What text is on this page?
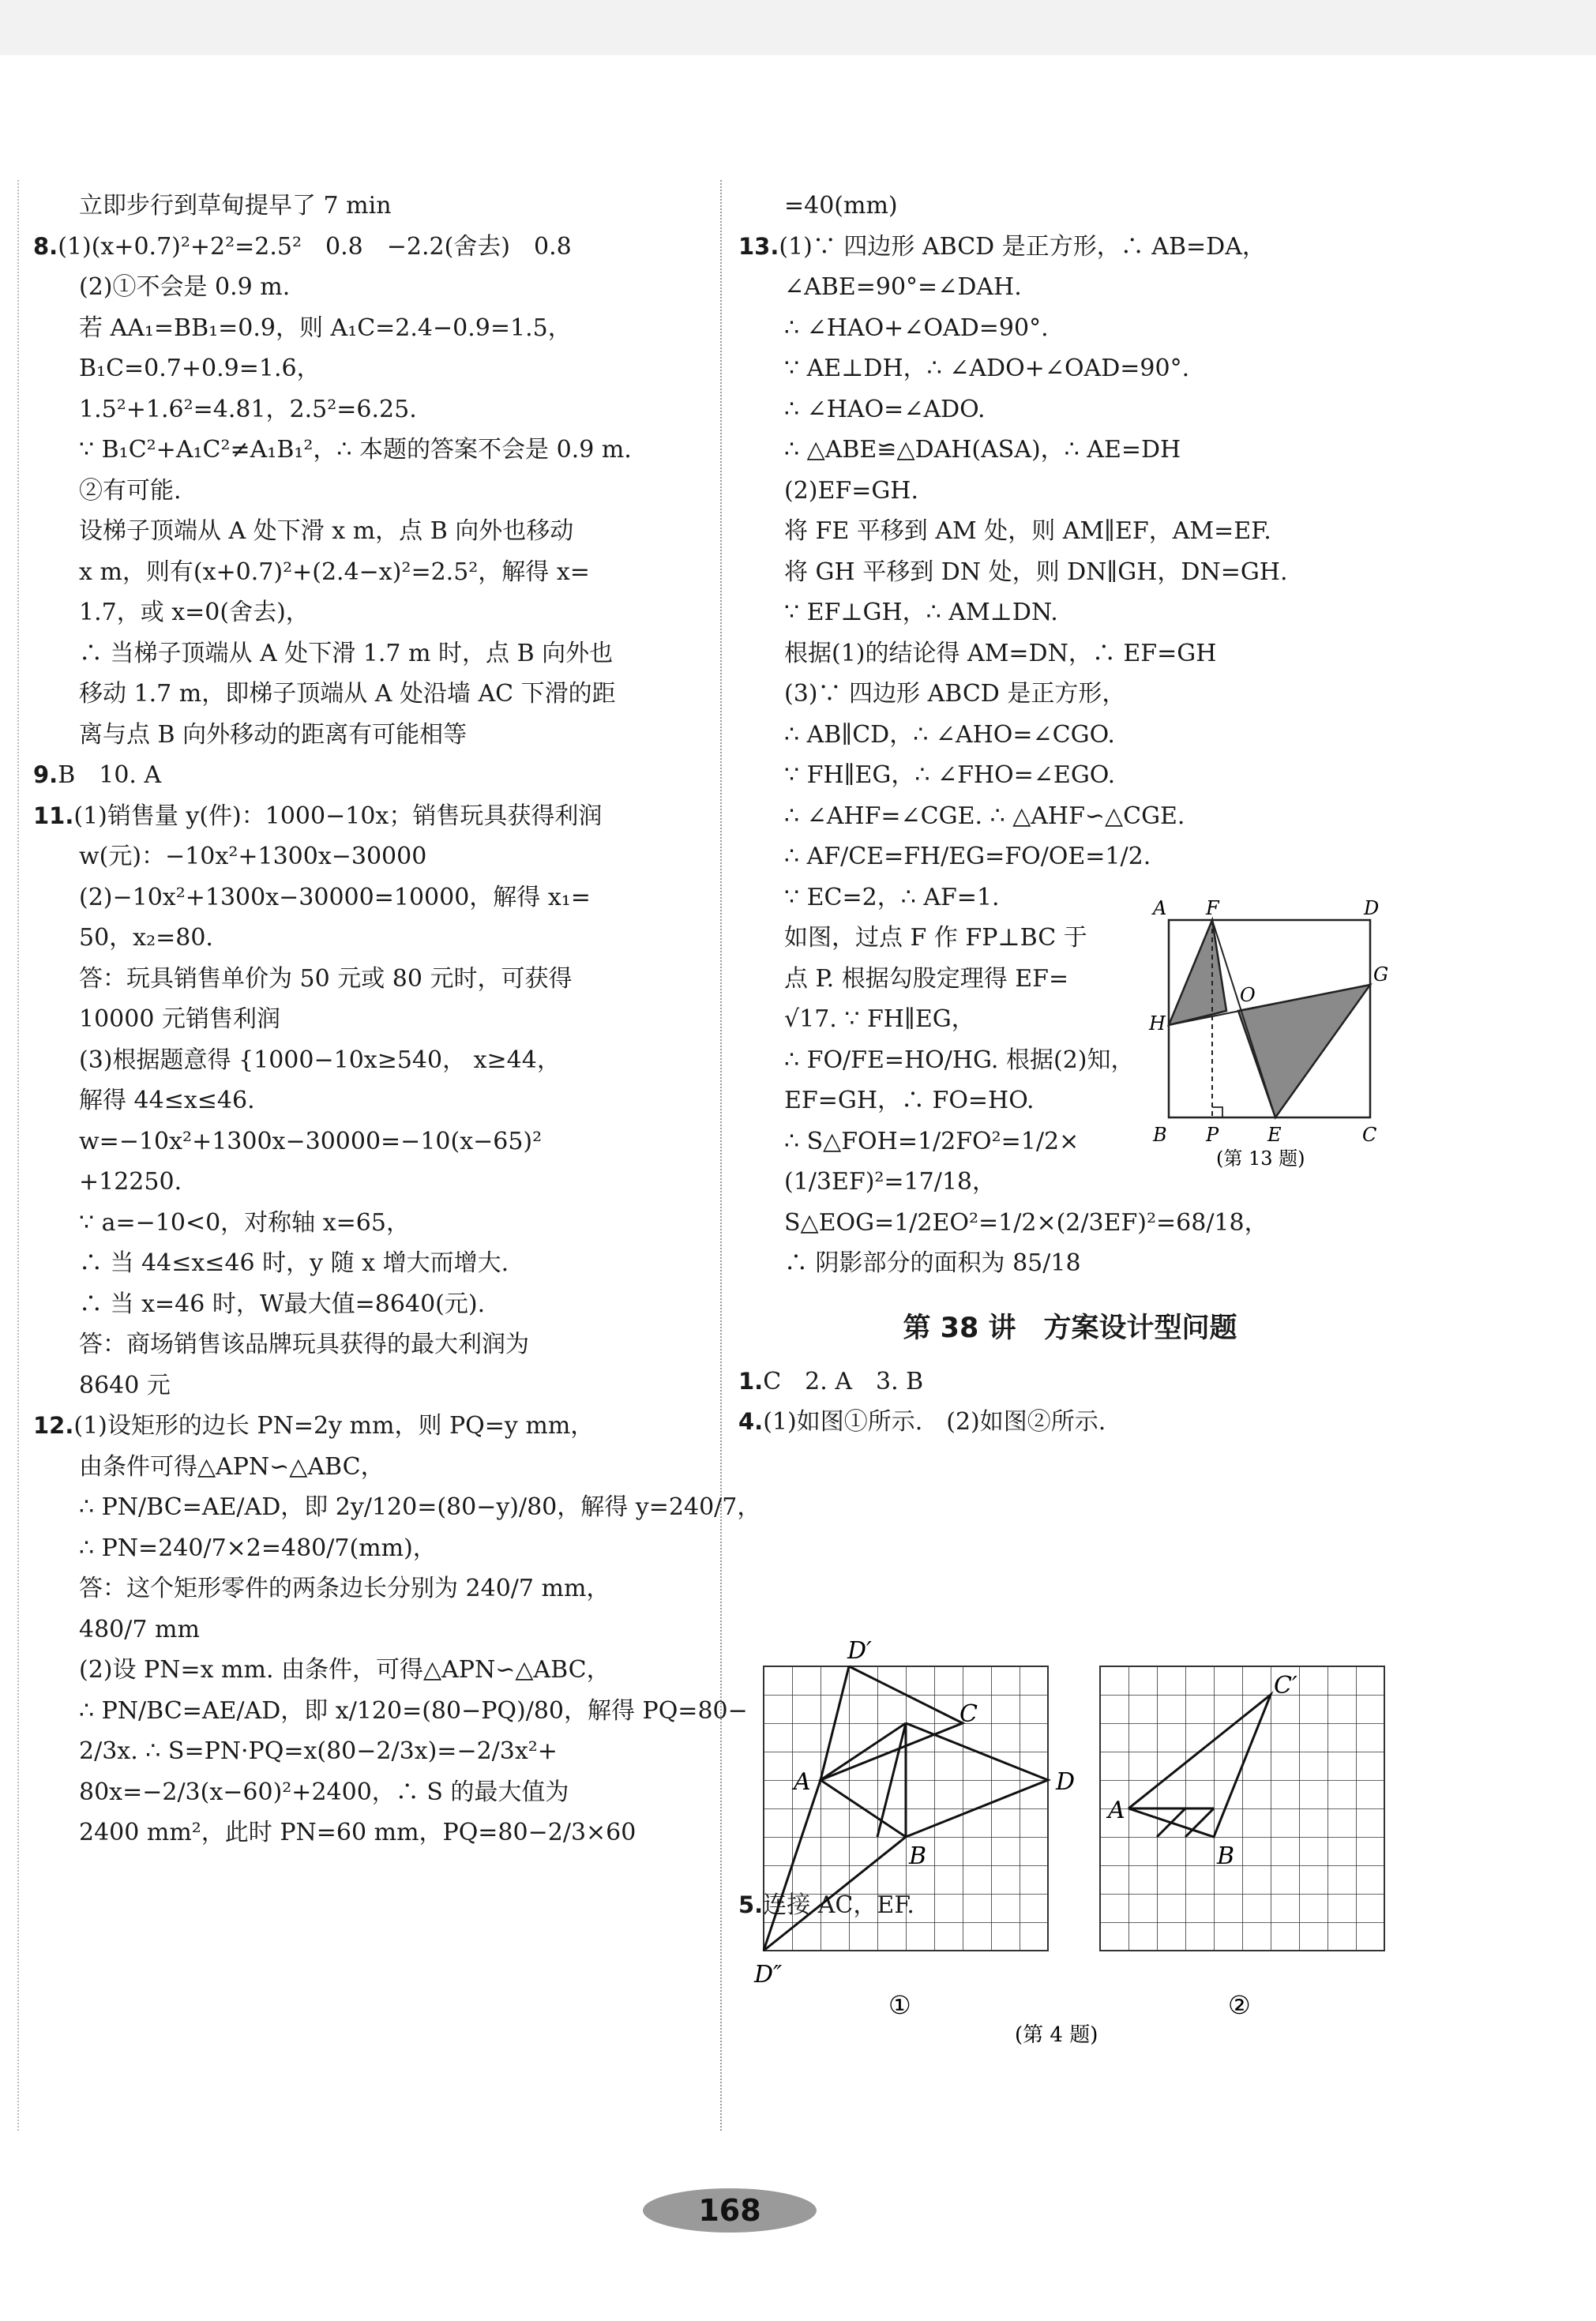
立即步行到草甸提早了 7 min
8.(1)(x+0.7)²+2²=2.5²　0.8　−2.2(舍去)　0.8
(2)①不会是 0.9 m.
若 AA₁=BB₁=0.9，则 A₁C=2.4−0.9=1.5，
B₁C=0.7+0.9=1.6，
1.5²+1.6²=4.81，2.5²=6.25.
∵ B₁C²+A₁C²≠A₁B₁²，∴ 本题的答案不会是 0.9 m.
②有可能.
设梯子顶端从 A 处下滑 x m，点 B 向外也移动
x m，则有(x+0.7)²+(2.4−x)²=2.5²，解得 x=
1.7，或 x=0(舍去)，
∴ 当梯子顶端从 A 处下滑 1.7 m 时，点 B 向外也
移动 1.7 m，即梯子顶端从 A 处沿墙 AC 下滑的距
离与点 B 向外移动的距离有可能相等
9.B　10. A
11.(1)销售量 y(件)：1000−10x；销售玩具获得利润
w(元)：−10x²+1300x−30000
(2)−10x²+1300x−30000=10000，解得 x₁=
50，x₂=80.
答：玩具销售单价为 50 元或 80 元时，可获得
10000 元销售利润
(3)根据题意得 {1000−10x≥540， x≥44，
解得 44≤x≤46.
w=−10x²+1300x−30000=−10(x−65)²
+12250.
∵ a=−10<0，对称轴 x=65，
∴ 当 44≤x≤46 时，y 随 x 增大而增大.
∴ 当 x=46 时，W最大值=8640(元).
答：商场销售该品牌玩具获得的最大利润为
8640 元
12.(1)设矩形的边长 PN=2y mm，则 PQ=y mm，
由条件可得△APN∽△ABC，
∴ PN/BC=AE/AD，即 2y/120=(80−y)/80，解得 y=240/7，
∴ PN=240/7×2=480/7(mm)，
答：这个矩形零件的两条边长分别为 240/7 mm，
480/7 mm
(2)设 PN=x mm. 由条件，可得△APN∽△ABC，
∴ PN/BC=AE/AD，即 x/120=(80−PQ)/80，解得 PQ=80−
2/3x. ∴ S=PN·PQ=x(80−2/3x)=−2/3x²+
80x=−2/3(x−60)²+2400，∴ S 的最大值为
2400 mm²，此时 PN=60 mm，PQ=80−2/3×60
=40(mm)
13.(1)∵ 四边形 ABCD 是正方形，∴ AB=DA，
∠ABE=90°=∠DAH.
∴ ∠HAO+∠OAD=90°.
∵ AE⊥DH，∴ ∠ADO+∠OAD=90°.
∴ ∠HAO=∠ADO.
∴ △ABE≌△DAH(ASA)，∴ AE=DH
(2)EF=GH.
将 FE 平移到 AM 处，则 AM∥EF，AM=EF.
将 GH 平移到 DN 处，则 DN∥GH，DN=GH.
∵ EF⊥GH，∴ AM⊥DN.
根据(1)的结论得 AM=DN，∴ EF=GH
(3)∵ 四边形 ABCD 是正方形，
∴ AB∥CD，∴ ∠AHO=∠CGO.
∵ FH∥EG，∴ ∠FHO=∠EGO.
∴ ∠AHF=∠CGE. ∴ △AHF∽△CGE.
∴ AF/CE=FH/EG=FO/OE=1/2.
∵ EC=2，∴ AF=1.
如图，过点 F 作 FP⊥BC 于
点 P. 根据勾股定理得 EF=
√17. ∵ FH∥EG，
∴ FO/FE=HO/HG. 根据(2)知，
EF=GH，∴ FO=HO.
∴ S△FOH=1/2FO²=1/2×
(1/3EF)²=17/18，
S△EOG=1/2EO²=1/2×(2/3EF)²=68/18，
∴ 阴影部分的面积为 85/18
第 38 讲　方案设计型问题
1.C　2. A　3. B
4.(1)如图①所示.　(2)如图②所示.
5.
A F	D
G
O
H
B P	E	C
(第 13 题)
D′
C
D
A
B
D″
①
C′
A
B
②
(第 4 题)
168
